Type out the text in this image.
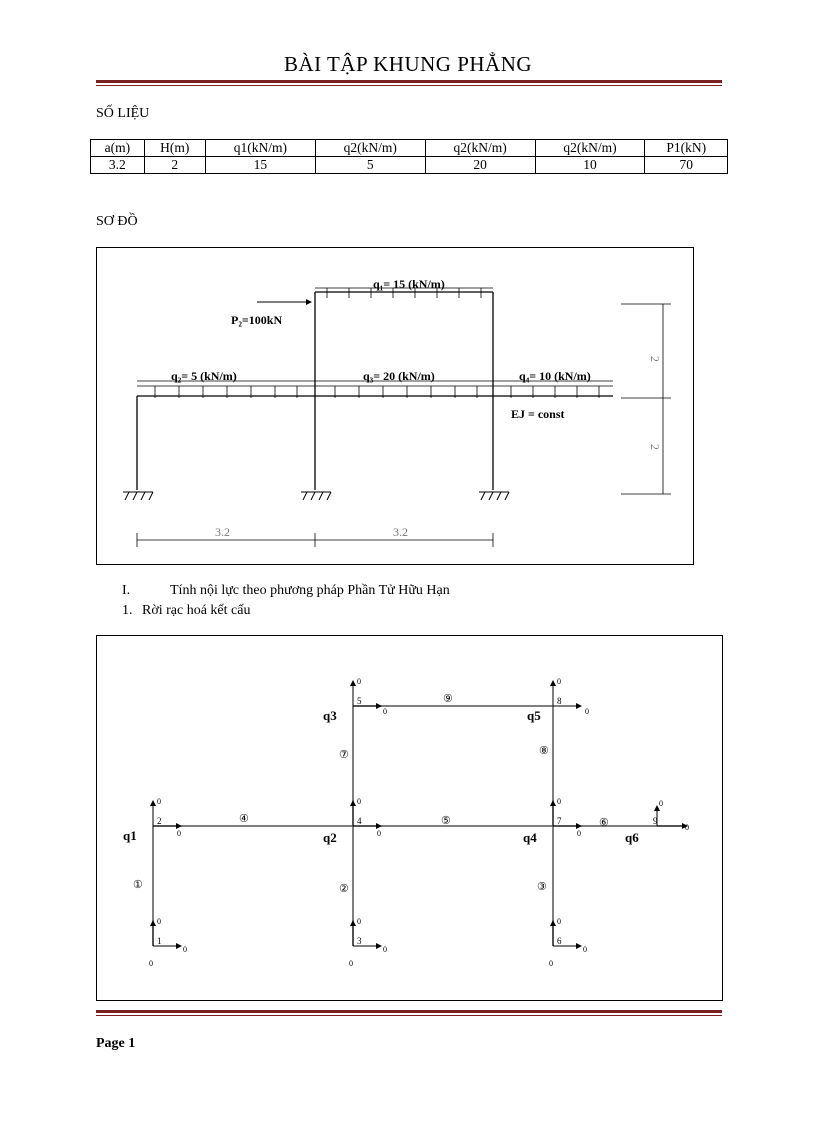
BÀI TẬP KHUNG PHẲNG
SỐ LIỆU
a(m)	H(m)	q1(kN/m)	q2(kN/m)	q2(kN/m)	q2(kN/m)	P1(kN)
3.2	2	15	5	20	10	70
SƠ ĐỒ
q₁= 15 (kN/m)
q₂= 5 (kN/m)	q₃= 20 (kN/m)	q₄= 10 (kN/m)
P₂=100kN
EJ = const
2
2
3.2	3.2
I.	Tính nội lực theo phương pháp Phần Tử Hữu Hạn
1. Rời rạc hoá kết cấu
2
1	3
4
5
6
7
8
9
①	②	③
④	⑤	⑥
⑦	⑧
⑨
q1	q2
q3
q4
q5
q6
0
0
0
0
0
0
0
0
0
0
0
0
0
0
0
0
0
0
0
0
0
Page 1
